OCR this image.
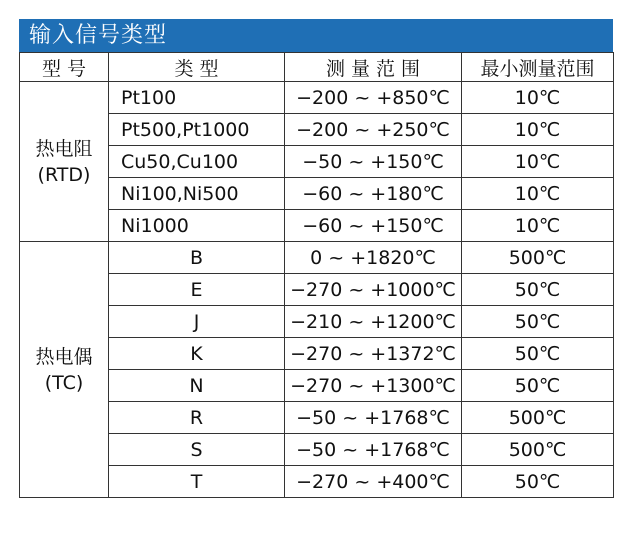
输入信号类型
型 号	类 型	测 量 范 围	最小测量范围
热电阻
(RTD)	Pt100	−200 ~ +850℃	10℃
	Pt500,Pt1000	−200 ~ +250℃	10℃
	Cu50,Cu100	−50 ~ +150℃	10℃
	Ni100,Ni500	−60 ~ +180℃	10℃
	Ni1000	−60 ~ +150℃	10℃
热电偶
(TC)	B	0 ~ +1820℃	500℃
	E	−270 ~ +1000℃	50℃
	J	−210 ~ +1200℃	50℃
	K	−270 ~ +1372℃	50℃
	N	−270 ~ +1300℃	50℃
	R	−50 ~ +1768℃	500℃
	S	−50 ~ +1768℃	500℃
	T	−270 ~ +400℃	50℃
